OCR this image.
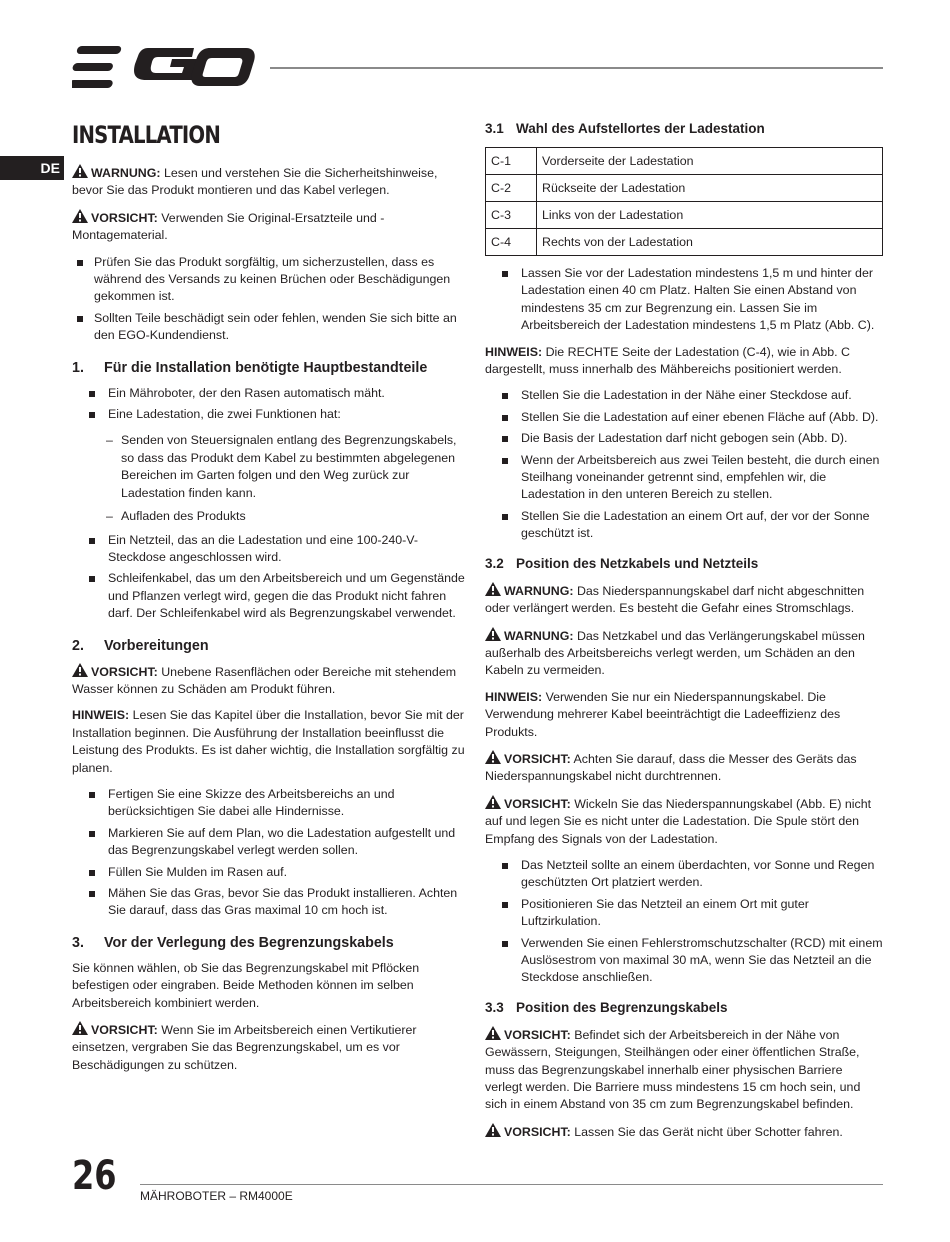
DE
INSTALLATION

WARNUNG: Lesen und verstehen Sie die Sicherheitshinweise, bevor Sie das Produkt montieren und das Kabel verlegen.

VORSICHT: Verwenden Sie Original-Ersatzteile und -Montagematerial.

Prüfen Sie das Produkt sorgfältig, um sicherzustellen, dass es während des Versands zu keinen Brüchen oder Beschädigungen gekommen ist.
Sollten Teile beschädigt sein oder fehlen, wenden Sie sich bitte an den EGO-Kundendienst.
1. Für die Installation benötigte Hauptbestandteile
Ein Mähroboter, der den Rasen automatisch mäht.
Eine Ladestation, die zwei Funktionen hat:
– Senden von Steuersignalen entlang des Begrenzungskabels, so dass das Produkt dem Kabel zu bestimmten abgelegenen Bereichen im Garten folgen und den Weg zurück zur Ladestation finden kann.
– Aufladen des Produkts
Ein Netzteil, das an die Ladestation und eine 100-240-V-Steckdose angeschlossen wird.
Schleifenkabel, das um den Arbeitsbereich und um Gegenstände und Pflanzen verlegt wird, gegen die das Produkt nicht fahren darf. Der Schleifenkabel wird als Begrenzungskabel verwendet.
2. Vorbereitungen

VORSICHT: Unebene Rasenflächen oder Bereiche mit stehendem Wasser können zu Schäden am Produkt führen.

HINWEIS: Lesen Sie das Kapitel über die Installation, bevor Sie mit der Installation beginnen. Die Ausführung der Installation beeinflusst die Leistung des Produkts. Es ist daher wichtig, die Installation sorgfältig zu planen.

Fertigen Sie eine Skizze des Arbeitsbereichs an und berücksichtigen Sie dabei alle Hindernisse.
Markieren Sie auf dem Plan, wo die Ladestation aufgestellt und das Begrenzungskabel verlegt werden sollen.
Füllen Sie Mulden im Rasen auf.
Mähen Sie das Gras, bevor Sie das Produkt installieren. Achten Sie darauf, dass das Gras maximal 10 cm hoch ist.
3. Vor der Verlegung des Begrenzungskabels

Sie können wählen, ob Sie das Begrenzungskabel mit Pflöcken befestigen oder eingraben. Beide Methoden können im selben Arbeitsbereich kombiniert werden.

VORSICHT: Wenn Sie im Arbeitsbereich einen Vertikutierer einsetzen, vergraben Sie das Begrenzungskabel, um es vor Beschädigungen zu schützen.

3.1 Wahl des Aufstellortes der Ladestation
C-1	Vorderseite der Ladestation
C-2	Rückseite der Ladestation
C-3	Links von der Ladestation
C-4	Rechts von der Ladestation
Lassen Sie vor der Ladestation mindestens 1,5 m und hinter der Ladestation einen 40 cm Platz. Halten Sie einen Abstand von mindestens 35 cm zur Begrenzung ein. Lassen Sie im Arbeitsbereich der Ladestation mindestens 1,5 m Platz (Abb. C).

HINWEIS: Die RECHTE Seite der Ladestation (C-4), wie in Abb. C dargestellt, muss innerhalb des Mähbereichs positioniert werden.

Stellen Sie die Ladestation in der Nähe einer Steckdose auf.
Stellen Sie die Ladestation auf einer ebenen Fläche auf (Abb. D).
Die Basis der Ladestation darf nicht gebogen sein (Abb. D).
Wenn der Arbeitsbereich aus zwei Teilen besteht, die durch einen Steilhang voneinander getrennt sind, empfehlen wir, die Ladestation in den unteren Bereich zu stellen.
Stellen Sie die Ladestation an einem Ort auf, der vor der Sonne geschützt ist.
3.2 Position des Netzkabels und Netzteils

WARNUNG: Das Niederspannungskabel darf nicht abgeschnitten oder verlängert werden. Es besteht die Gefahr eines Stromschlags.

WARNUNG: Das Netzkabel und das Verlängerungskabel müssen außerhalb des Arbeitsbereichs verlegt werden, um Schäden an den Kabeln zu vermeiden.

HINWEIS: Verwenden Sie nur ein Niederspannungskabel. Die Verwendung mehrerer Kabel beeinträchtigt die Ladeeffizienz des Produkts.

VORSICHT: Achten Sie darauf, dass die Messer des Geräts das Niederspannungskabel nicht durchtrennen.

VORSICHT: Wickeln Sie das Niederspannungskabel (Abb. E) nicht auf und legen Sie es nicht unter die Ladestation. Die Spule stört den Empfang des Signals von der Ladestation.

Das Netzteil sollte an einem überdachten, vor Sonne und Regen geschützten Ort platziert werden.
Positionieren Sie das Netzteil an einem Ort mit guter Luftzirkulation.
Verwenden Sie einen Fehlerstromschutzschalter (RCD) mit einem Auslösestrom von maximal 30 mA, wenn Sie das Netzteil an die Steckdose anschließen.
3.3 Position des Begrenzungskabels

VORSICHT: Befindet sich der Arbeitsbereich in der Nähe von Gewässern, Steigungen, Steilhängen oder einer öffentlichen Straße, muss das Begrenzungskabel innerhalb einer physischen Barriere verlegt werden. Die Barriere muss mindestens 15 cm hoch sein, und sich in einem Abstand von 35 cm zum Begrenzungskabel befinden.

VORSICHT: Lassen Sie das Gerät nicht über Schotter fahren.

26 MÄHROBOTER – RM4000E
